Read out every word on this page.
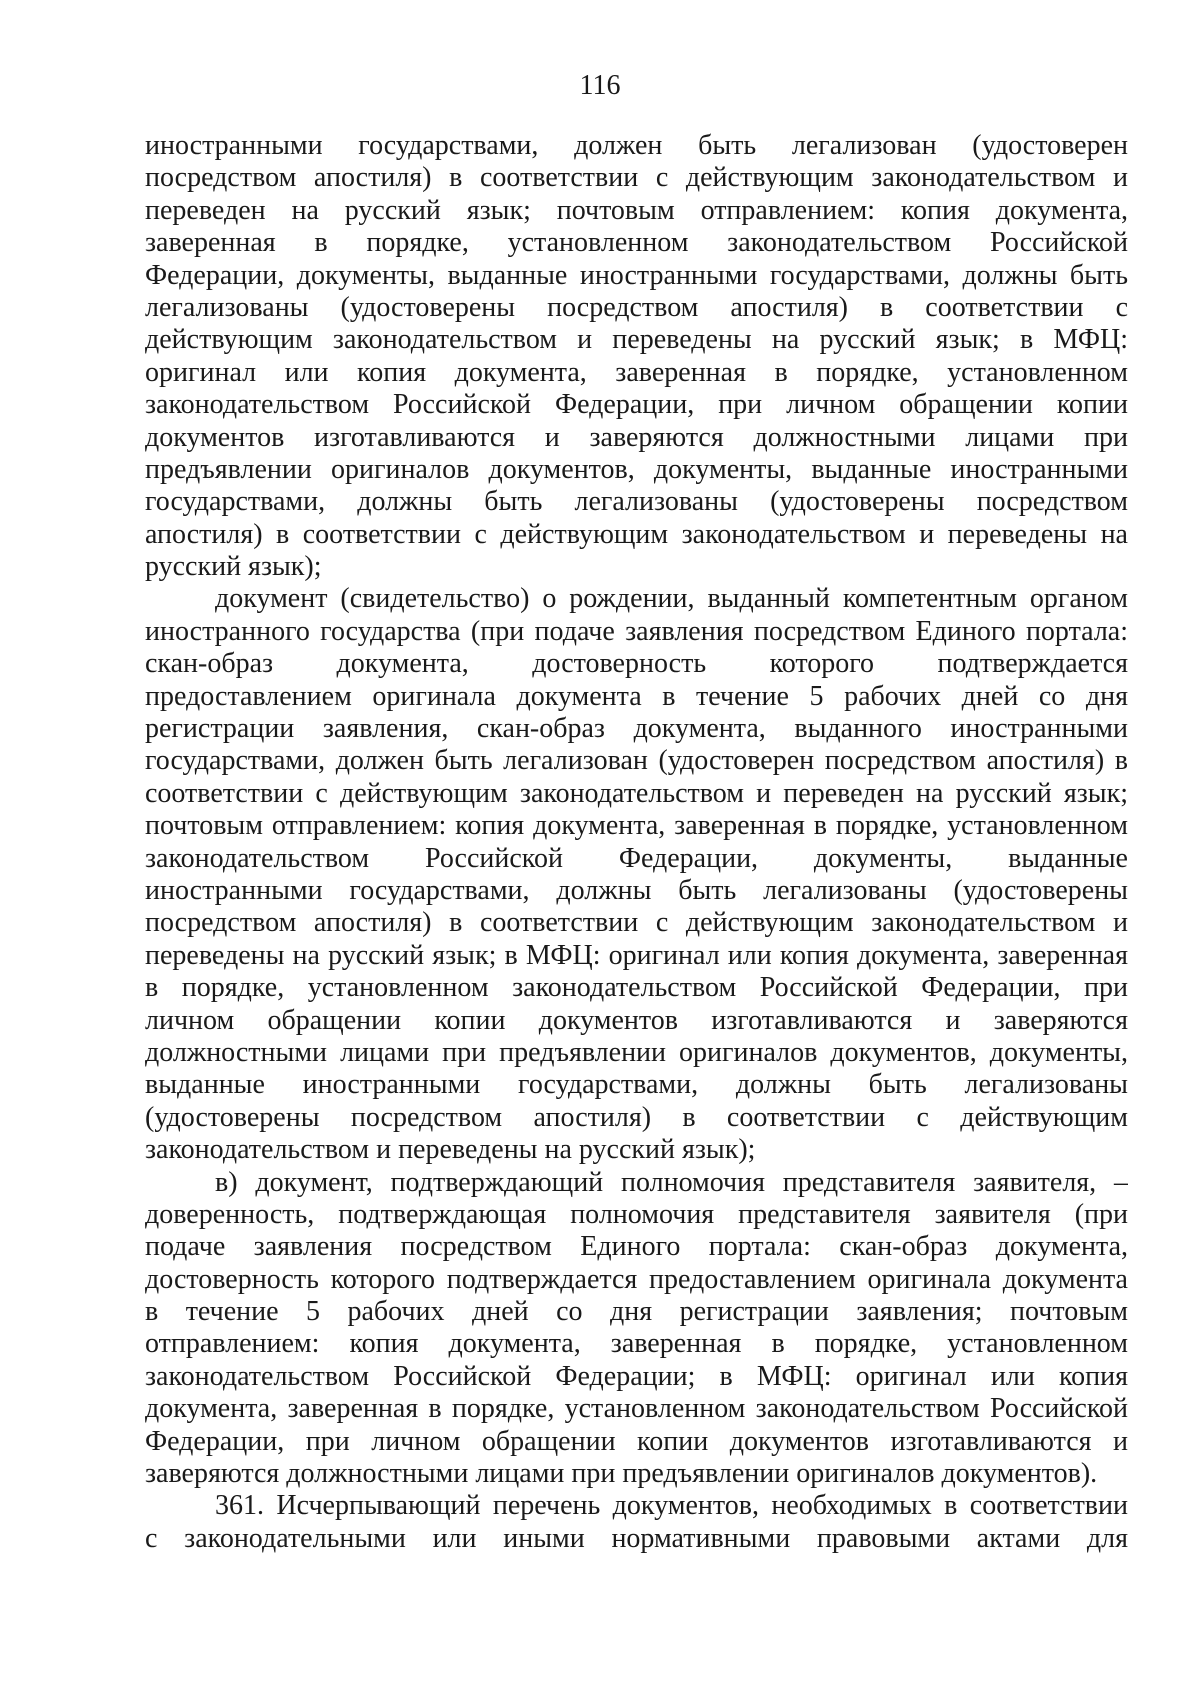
116
иностранными государствами, должен быть легализован (удостоверен
посредством апостиля) в соответствии с действующим законодательством и
переведен на русский язык; почтовым отправлением: копия документа,
заверенная в порядке, установленном законодательством Российской
Федерации, документы, выданные иностранными государствами, должны быть
легализованы (удостоверены посредством апостиля) в соответствии с
действующим законодательством и переведены на русский язык; в МФЦ:
оригинал или копия документа, заверенная в порядке, установленном
законодательством Российской Федерации, при личном обращении копии
документов изготавливаются и заверяются должностными лицами при
предъявлении оригиналов документов, документы, выданные иностранными
государствами, должны быть легализованы (удостоверены посредством
апостиля) в соответствии с действующим законодательством и переведены на
русский язык);
документ (свидетельство) о рождении, выданный компетентным органом
иностранного государства (при подаче заявления посредством Единого портала:
скан-образ документа, достоверность которого подтверждается
предоставлением оригинала документа в течение 5 рабочих дней со дня
регистрации заявления, скан-образ документа, выданного иностранными
государствами, должен быть легализован (удостоверен посредством апостиля) в
соответствии с действующим законодательством и переведен на русский язык;
почтовым отправлением: копия документа, заверенная в порядке, установленном
законодательством Российской Федерации, документы, выданные
иностранными государствами, должны быть легализованы (удостоверены
посредством апостиля) в соответствии с действующим законодательством и
переведены на русский язык; в МФЦ: оригинал или копия документа, заверенная
в порядке, установленном законодательством Российской Федерации, при
личном обращении копии документов изготавливаются и заверяются
должностными лицами при предъявлении оригиналов документов, документы,
выданные иностранными государствами, должны быть легализованы
(удостоверены посредством апостиля) в соответствии с действующим
законодательством и переведены на русский язык);
в) документ, подтверждающий полномочия представителя заявителя, –
доверенность, подтверждающая полномочия представителя заявителя (при
подаче заявления посредством Единого портала: скан-образ документа,
достоверность которого подтверждается предоставлением оригинала документа
в течение 5 рабочих дней со дня регистрации заявления; почтовым
отправлением: копия документа, заверенная в порядке, установленном
законодательством Российской Федерации; в МФЦ: оригинал или копия
документа, заверенная в порядке, установленном законодательством Российской
Федерации, при личном обращении копии документов изготавливаются и
заверяются должностными лицами при предъявлении оригиналов документов).
361. Исчерпывающий перечень документов, необходимых в соответствии
с законодательными или иными нормативными правовыми актами для
